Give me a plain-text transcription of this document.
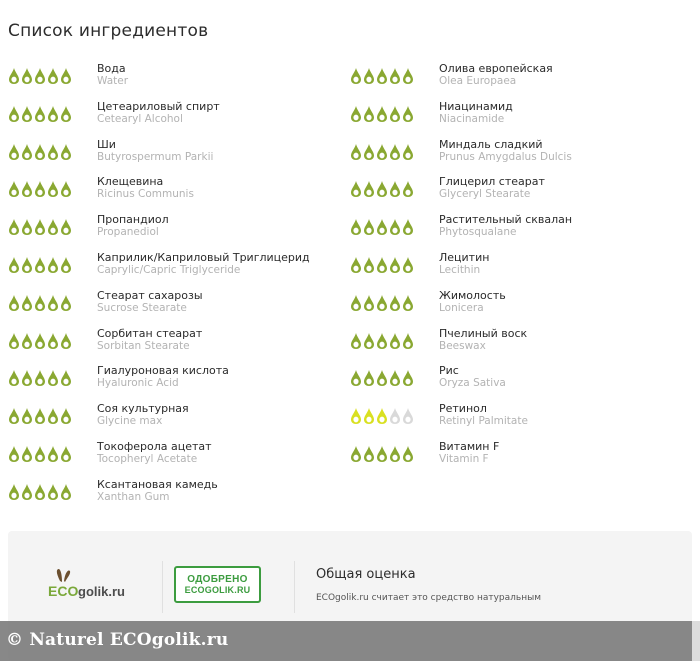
Список ингредиентов
Вода
Water
Цетеариловый спирт
Cetearyl Alcohol
Ши
Butyrospermum Parkii
Клещевина
Ricinus Communis
Пропандиол
Propanediol
Каприлик/Каприловый Триглицерид
Caprylic/Capric Triglyceride
Стеарат сахарозы
Sucrose Stearate
Сорбитан стеарат
Sorbitan Stearate
Гиалуроновая кислота
Hyaluronic Acid
Соя культурная
Glycine max
Токоферола ацетат
Tocopheryl Acetate
Ксантановая камедь
Xanthan Gum
Олива европейская
Olea Europaea
Ниацинамид
Niacinamide
Миндаль сладкий
Prunus Amygdalus Dulcis
Глицерил стеарат
Glyceryl Stearate
Растительный сквалан
Phytosqualane
Лецитин
Lecithin
Жимолость
Lonicera
Пчелиный воск
Beeswax
Рис
Oryza Sativa
Ретинол
Retinyl Palmitate
Витамин F
Vitamin F
ECO golik.ru
ОДОБРЕНО
ECOGOLIK.RU
Общая оценка
ECOgolik.ru считает это средство натуральным
© Naturel ECOgolik.ru
